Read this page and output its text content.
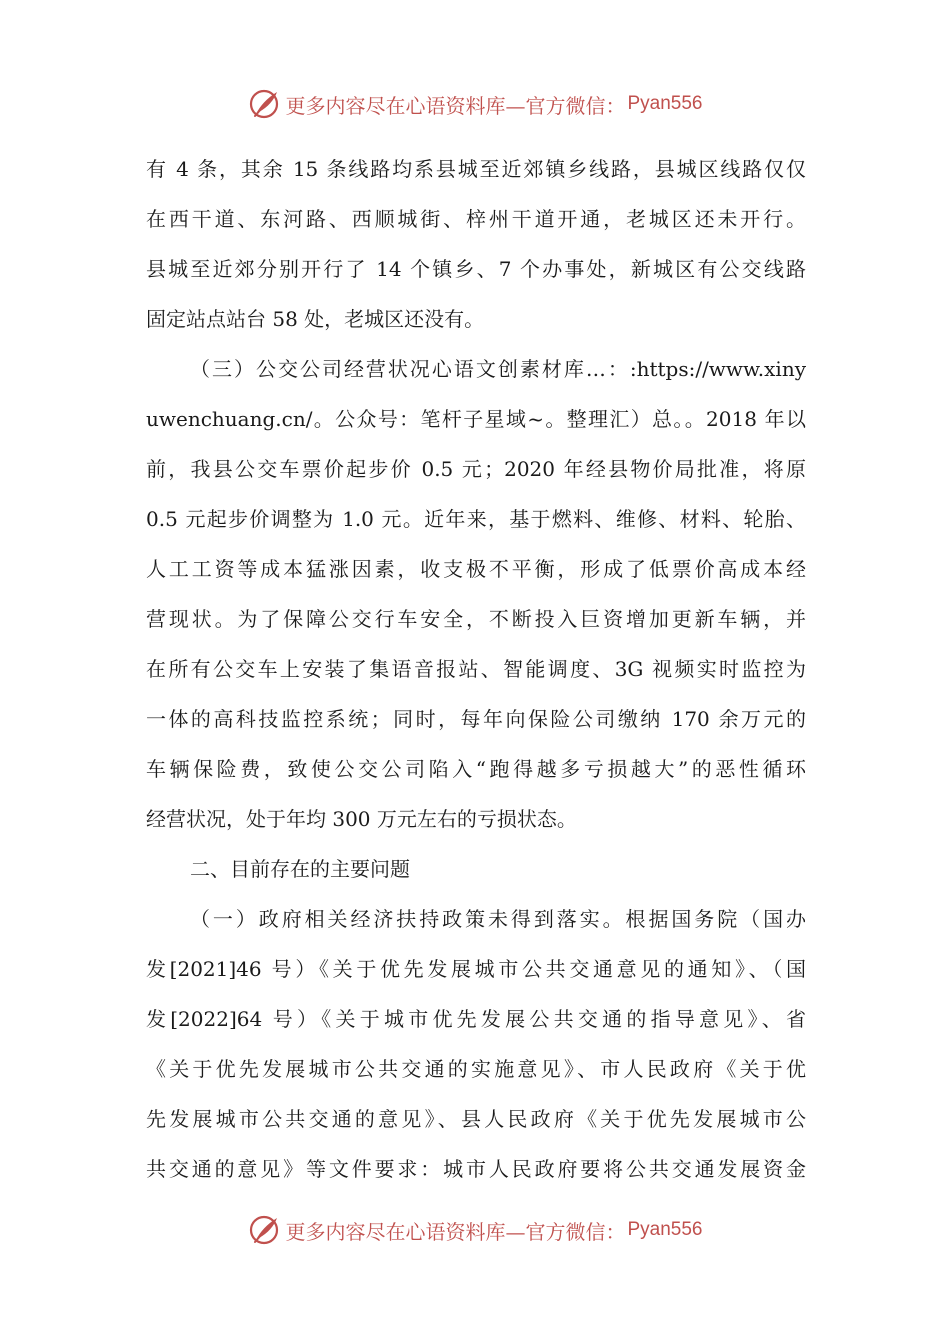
更多内容尽在心语资料库—官方微信： Pyan556
有 4 条，其余 15 条线路均系县城至近郊镇乡线路，县城区线路仅仅
在西干道、东河路、西顺城街、梓州干道开通，老城区还未开行。
县城至近郊分别开行了 14 个镇乡、7 个办事处，新城区有公交线路
固定站点站台 58 处，老城区还没有。
（三）公交公司经营状况心语文创素材库…：:https://www.xiny
uwenchuang.cn/。公众号：笔杆子星域~。整理汇）总。。2018 年以
前，我县公交车票价起步价 0.5 元；2020 年经县物价局批准，将原
0.5 元起步价调整为 1.0 元。近年来，基于燃料、维修、材料、轮胎、
人工工资等成本猛涨因素，收支极不平衡，形成了低票价高成本经
营现状。为了保障公交行车安全，不断投入巨资增加更新车辆，并
在所有公交车上安装了集语音报站、智能调度、3G 视频实时监控为
一体的高科技监控系统；同时，每年向保险公司缴纳 170 余万元的
车辆保险费，致使公交公司陷入“跑得越多亏损越大”的恶性循环
经营状况，处于年均 300 万元左右的亏损状态。
二、目前存在的主要问题
（一）政府相关经济扶持政策未得到落实。根据国务院（国办
发[2021]46 号）《关于优先发展城市公共交通意见的通知》、（国
发[2022]64 号）《关于城市优先发展公共交通的指导意见》、省
《关于优先发展城市公共交通的实施意见》、市人民政府《关于优
先发展城市公共交通的意见》、县人民政府《关于优先发展城市公
共交通的意见》等文件要求：城市人民政府要将公共交通发展资金
更多内容尽在心语资料库—官方微信： Pyan556
